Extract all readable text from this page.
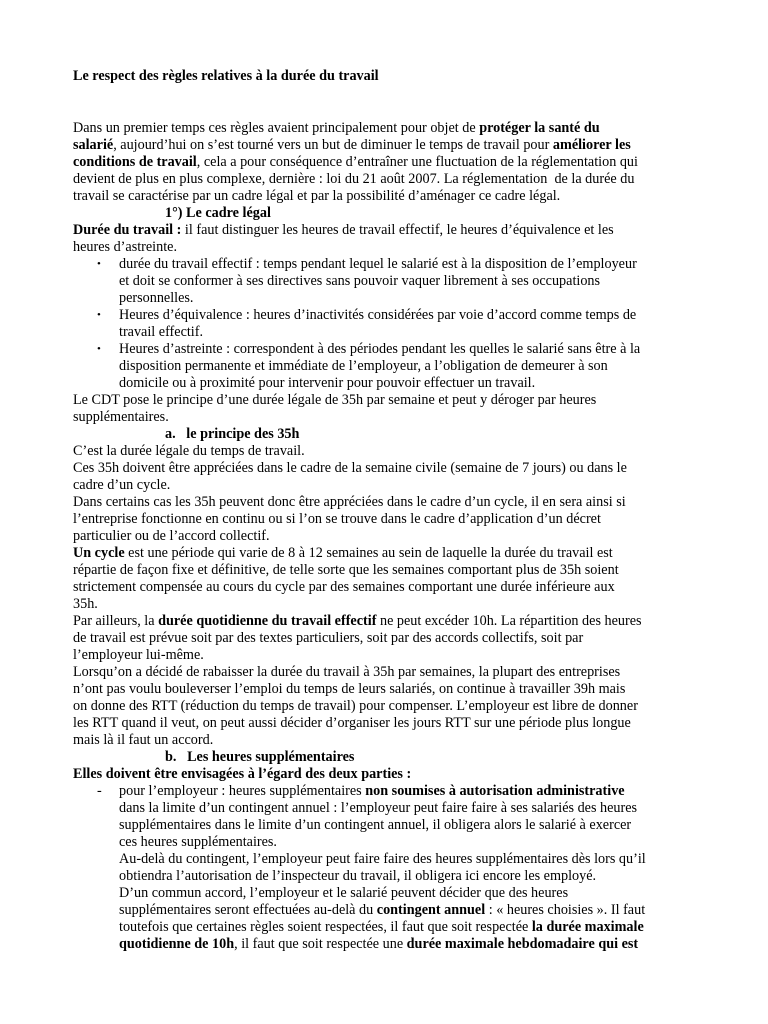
Le respect des règles relatives à la durée du travail
Dans un premier temps ces règles avaient principalement pour objet de protéger la santé du
salarié, aujourd’hui on s’est tourné vers un but de diminuer le temps de travail pour améliorer les
conditions de travail, cela a pour conséquence d’entraîner une fluctuation de la réglementation qui
devient de plus en plus complexe, dernière : loi du 21 août 2007. La réglementation  de la durée du
travail se caractérise par un cadre légal et par la possibilité d’aménager ce cadre légal.
1°) Le cadre légal
Durée du travail : il faut distinguer les heures de travail effectif, le heures d’équivalence et les
heures d’astreinte.
• durée du travail effectif : temps pendant lequel le salarié est à la disposition de l’employeur
et doit se conformer à ses directives sans pouvoir vaquer librement à ses occupations
personnelles.
• Heures d’équivalence : heures d’inactivités considérées par voie d’accord comme temps de
travail effectif.
• Heures d’astreinte : correspondent à des périodes pendant les quelles le salarié sans être à la
disposition permanente et immédiate de l’employeur, a l’obligation de demeurer à son
domicile ou à proximité pour intervenir pour pouvoir effectuer un travail.
Le CDT pose le principe d’une durée légale de 35h par semaine et peut y déroger par heures
supplémentaires.
a.   le principe des 35h
C’est la durée légale du temps de travail.
Ces 35h doivent être appréciées dans le cadre de la semaine civile (semaine de 7 jours) ou dans le
cadre d’un cycle.
Dans certains cas les 35h peuvent donc être appréciées dans le cadre d’un cycle, il en sera ainsi si
l’entreprise fonctionne en continu ou si l’on se trouve dans le cadre d’application d’un décret
particulier ou de l’accord collectif.
Un cycle est une période qui varie de 8 à 12 semaines au sein de laquelle la durée du travail est
répartie de façon fixe et définitive, de telle sorte que les semaines comportant plus de 35h soient
strictement compensée au cours du cycle par des semaines comportant une durée inférieure aux
35h.
Par ailleurs, la durée quotidienne du travail effectif ne peut excéder 10h. La répartition des heures
de travail est prévue soit par des textes particuliers, soit par des accords collectifs, soit par
l’employeur lui-même.
Lorsqu’on a décidé de rabaisser la durée du travail à 35h par semaines, la plupart des entreprises
n’ont pas voulu bouleverser l’emploi du temps de leurs salariés, on continue à travailler 39h mais
on donne des RTT (réduction du temps de travail) pour compenser. L’employeur est libre de donner
les RTT quand il veut, on peut aussi décider d’organiser les jours RTT sur une période plus longue
mais là il faut un accord.
b.   Les heures supplémentaires
Elles doivent être envisagées à l’égard des deux parties :
- pour l’employeur : heures supplémentaires non soumises à autorisation administrative
dans la limite d’un contingent annuel : l’employeur peut faire faire à ses salariés des heures
supplémentaires dans le limite d’un contingent annuel, il obligera alors le salarié à exercer
ces heures supplémentaires.
Au-delà du contingent, l’employeur peut faire faire des heures supplémentaires dès lors qu’il
obtiendra l’autorisation de l’inspecteur du travail, il obligera ici encore les employé.
D’un commun accord, l’employeur et le salarié peuvent décider que des heures
supplémentaires seront effectuées au-delà du contingent annuel : « heures choisies ». Il faut
toutefois que certaines règles soient respectées, il faut que soit respectée la durée maximale
quotidienne de 10h, il faut que soit respectée une durée maximale hebdomadaire qui est
